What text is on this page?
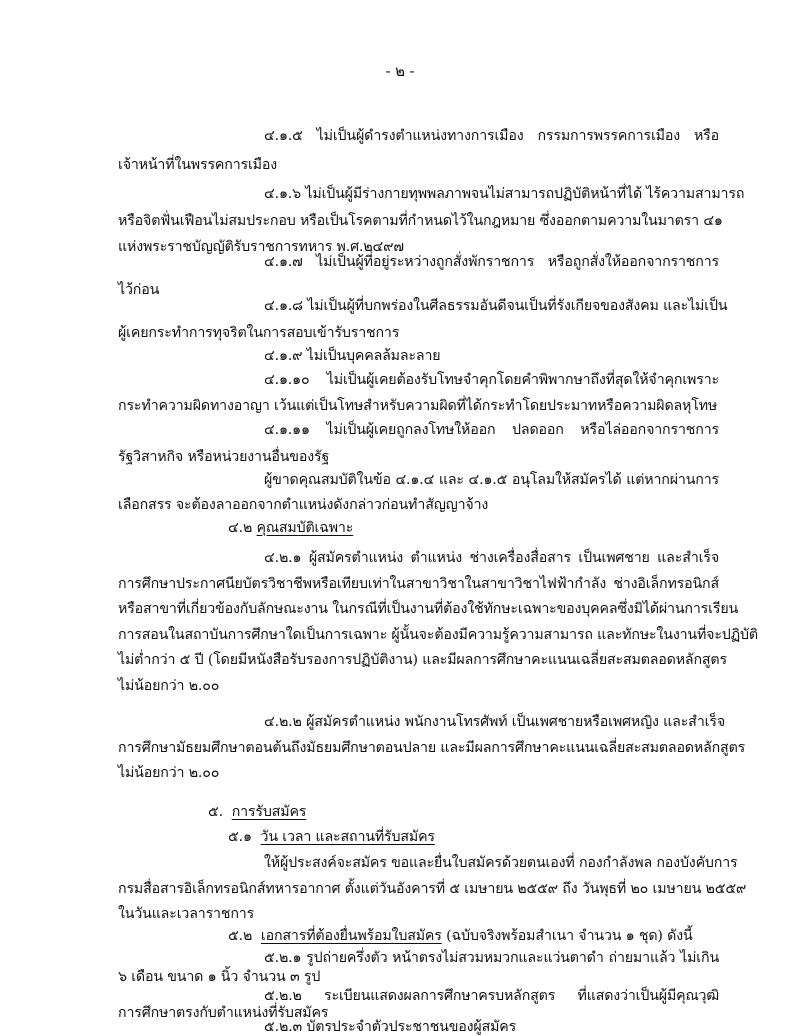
- ๒ -
๔.๑.๕ ไม่เป็นผู้ดำรงตำแหน่งทางการเมือง กรรมการพรรคการเมือง หรือ
เจ้าหน้าที่ในพรรคการเมือง
๔.๑.๖ ไม่เป็นผู้มีร่างกายทุพพลภาพจนไม่สามารถปฏิบัติหน้าที่ได้ ไร้ความสามารถ
หรือจิตฟั่นเฟือนไม่สมประกอบ หรือเป็นโรคตามที่กำหนดไว้ในกฎหมาย ซึ่งออกตามความในมาตรา ๔๑
แห่งพระราชบัญญัติรับราชการทหาร พ.ศ.๒๔๙๗
๔.๑.๗ ไม่เป็นผู้ที่อยู่ระหว่างถูกสั่งพักราชการ หรือถูกสั่งให้ออกจากราชการ
ไว้ก่อน
๔.๑.๘ ไม่เป็นผู้ที่บกพร่องในศีลธรรมอันดีจนเป็นที่รังเกียจของสังคม และไม่เป็น
ผู้เคยกระทำการทุจริตในการสอบเข้ารับราชการ
๔.๑.๙ ไม่เป็นบุคคลล้มละลาย
๔.๑.๑๐ ไม่เป็นผู้เคยต้องรับโทษจำคุกโดยคำพิพากษาถึงที่สุดให้จำคุกเพราะ
กระทำความผิดทางอาญา เว้นแต่เป็นโทษสำหรับความผิดที่ได้กระทำโดยประมาทหรือความผิดลหุโทษ
๔.๑.๑๑ ไม่เป็นผู้เคยถูกลงโทษให้ออก ปลดออก หรือไล่ออกจากราชการ
รัฐวิสาหกิจ หรือหน่วยงานอื่นของรัฐ
ผู้ขาดคุณสมบัติในข้อ ๔.๑.๔ และ ๔.๑.๕ อนุโลมให้สมัครได้ แต่หากผ่านการ
เลือกสรร จะต้องลาออกจากตำแหน่งดังกล่าวก่อนทำสัญญาจ้าง
๔.๒ คุณสมบัติเฉพาะ
๔.๒.๑ ผู้สมัครตำแหน่ง ตำแหน่ง ช่างเครื่องสื่อสาร เป็นเพศชาย และสำเร็จ
การศึกษาประกาศนียบัตรวิชาชีพหรือเทียบเท่าในสาขาวิชาในสาขาวิชาไฟฟ้ากำลัง ช่างอิเล็กทรอนิกส์
หรือสาขาที่เกี่ยวข้องกับลักษณะงาน ในกรณีที่เป็นงานที่ต้องใช้ทักษะเฉพาะของบุคคลซึ่งมิได้ผ่านการเรียน
การสอนในสถาบันการศึกษาใดเป็นการเฉพาะ ผู้นั้นจะต้องมีความรู้ความสามารถ และทักษะในงานที่จะปฏิบัติ
ไม่ต่ำกว่า ๕ ปี (โดยมีหนังสือรับรองการปฏิบัติงาน) และมีผลการศึกษาคะแนนเฉลี่ยสะสมตลอดหลักสูตร
ไม่น้อยกว่า ๒.๐๐
๔.๒.๒ ผู้สมัครตำแหน่ง พนักงานโทรศัพท์ เป็นเพศชายหรือเพศหญิง และสำเร็จ
การศึกษามัธยมศึกษาตอนต้นถึงมัธยมศึกษาตอนปลาย และมีผลการศึกษาคะแนนเฉลี่ยสะสมตลอดหลักสูตร
ไม่น้อยกว่า ๒.๐๐
๕. การรับสมัคร
๕.๑ วัน เวลา และสถานที่รับสมัคร
ให้ผู้ประสงค์จะสมัคร ขอและยื่นใบสมัครด้วยตนเองที่ กองกำลังพล กองบังคับการ
กรมสื่อสารอิเล็กทรอนิกส์ทหารอากาศ ตั้งแต่วันอังคารที่ ๕ เมษายน ๒๕๕๙ ถึง วันพุธที่ ๒๐ เมษายน ๒๕๕๙
ในวันและเวลาราชการ
๕.๒ เอกสารที่ต้องยื่นพร้อมใบสมัคร (ฉบับจริงพร้อมสำเนา จำนวน ๑ ชุด) ดังนี้
๕.๒.๑ รูปถ่ายครึ่งตัว หน้าตรงไม่สวมหมวกและแว่นตาดำ ถ่ายมาแล้ว ไม่เกิน
๖ เดือน ขนาด ๑ นิ้ว จำนวน ๓ รูป
๕.๒.๒ ระเบียนแสดงผลการศึกษาครบหลักสูตร ที่แสดงว่าเป็นผู้มีคุณวุฒิ
การศึกษาตรงกับตำแหน่งที่รับสมัคร
๕.๒.๓ บัตรประจำตัวประชาชนของผู้สมัคร
